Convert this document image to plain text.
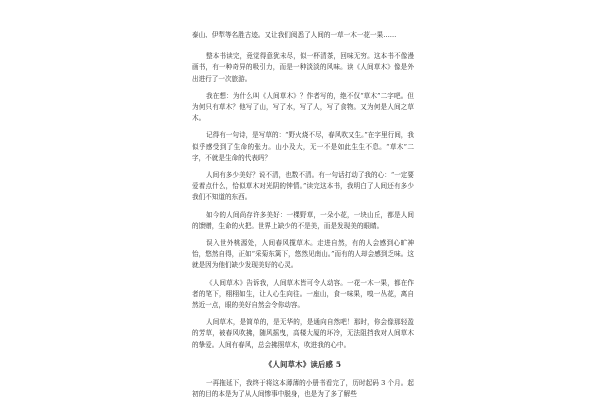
泰山、伊犁等名胜古迹。又让我们阅悉了人间的一草一木一花一果……

整本书读完，竟觉得意犹未尽，似一杯清茶，回味无穷。这本书不像漫画书，有一种奇异的吸引力，而是一种淡淡的风味。读《人间草木》像是外出进行了一次旅游。

我在想：为什么叫《人间草木》？作者写的，绝不仅“草木”二字吧。但为何只有草木？他写了山，写了水，写了人，写了食物。又为何是人间之草木。

记得有一句诗，是写草的：“野火烧不尽，春风吹又生。”在字里行间，我似乎感受到了生命的张力。山小及大，无一不是如此生生不息。“草木”二字，不就是生命的代表吗？

人间有多少美好？说不清，也数不清。有一句话打动了我的心：“一定要爱着点什么，恰似草木对光阴的钟情。”读完这本书，我明白了人间还有多少我们不知道的东西。

如今的人间尚存许多美好：一棵野草，一朵小花，一块山丘，都是人间的馈赠，生命的火把。世界上缺少的不是美，而是发现美的眼睛。

误入世外桃源处，人间春风揽草木。走进自然，有的人会感到心旷神怡，悠然自得，正如“采菊东篱下，悠然见南山。”而有的人却会感到乏味。这就是因为他们缺少发现美好的心灵。

《人间草木》告诉我，人间草木皆可令人动容。一花一木一果，都在作者的笔下，栩栩如生，让人心生向往。一座山，食一味果，嗅一丛花，离自然近一点，眼的美好自然会令你动容。

人间草木，是简单的，是无华的，是通向自然吧！那时，你会像那轻盈的芳草，被春风吹拂，随风摇曳，高楼大厦的坏冷，无法阻挡我对人间草木的挚爱。人间有春风，总会拂照草木，吹进我的心中。

《人间草木》读后感 5

一再拖延下，我终于将这本薄薄的小册书看完了，历时起码 3 个月。起初的目的本是为了从人间惨事中脱身，也是为了多了解些
